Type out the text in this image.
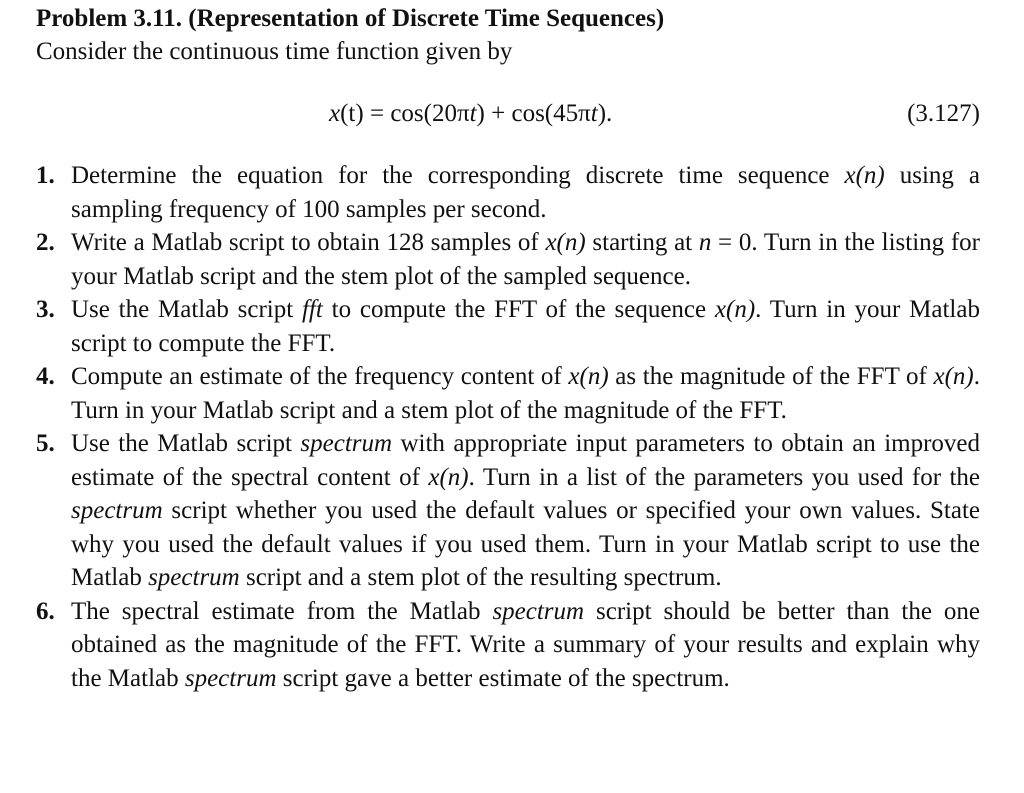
Problem 3.11. (Representation of Discrete Time Sequences)
Consider the continuous time function given by
x(t) = cos(20πt) + cos(45πt).	(3.127)
1. Determine the equation for the corresponding discrete time sequence x(n) using a sampling frequency of 100 samples per second.
2. Write a Matlab script to obtain 128 samples of x(n) starting at n = 0. Turn in the listing for your Matlab script and the stem plot of the sampled sequence.
3. Use the Matlab script fft to compute the FFT of the sequence x(n). Turn in your Matlab script to compute the FFT.
4. Compute an estimate of the frequency content of x(n) as the magnitude of the FFT of x(n). Turn in your Matlab script and a stem plot of the magnitude of the FFT.
5. Use the Matlab script spectrum with appropriate input parameters to obtain an improved estimate of the spectral content of x(n). Turn in a list of the parameters you used for the spectrum script whether you used the default values or specified your own values. State why you used the default values if you used them. Turn in your Matlab script to use the Matlab spectrum script and a stem plot of the resulting spectrum.
6. The spectral estimate from the Matlab spectrum script should be better than the one obtained as the magnitude of the FFT. Write a summary of your results and explain why the Matlab spectrum script gave a better estimate of the spectrum.
